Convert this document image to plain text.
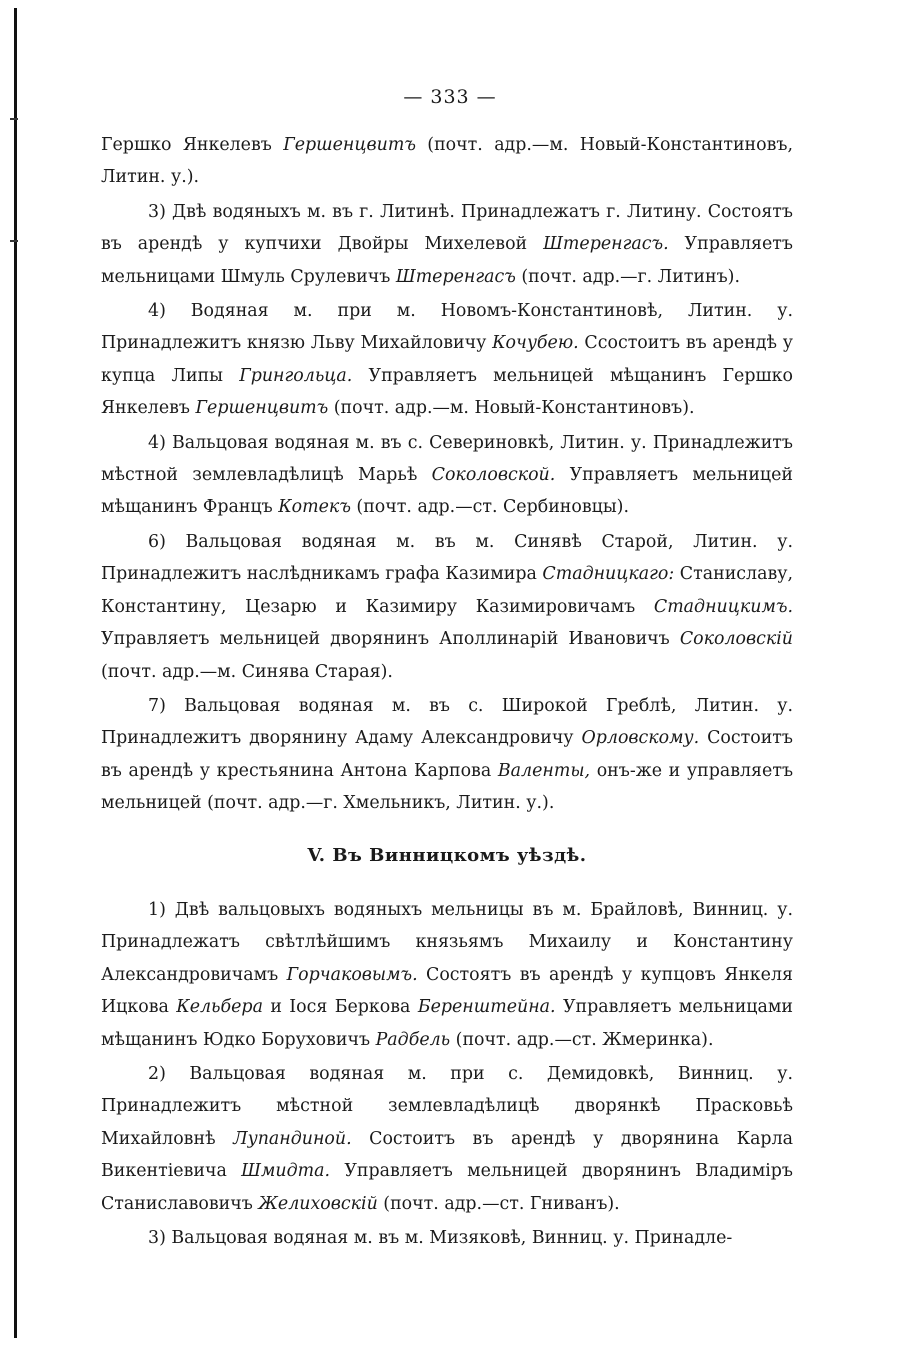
— 333 —

Гершко Янкелевъ Гершенцвитъ (почт. адр.—м. Новый-Константиновъ, Литин. у.).

3) Двѣ водяныхъ м. въ г. Литинѣ. Принадлежатъ г. Литину. Состоятъ въ арендѣ у купчихи Двойры Михелевой Штеренгасъ. Управляетъ мельницами Шмуль Срулевичъ Штеренгасъ (почт. адр.—г. Литинъ).

4) Водяная м. при м. Новомъ-Константиновѣ, Литин. у. Принадлежитъ князю Льву Михайловичу Кочубею. Ссостоитъ въ арендѣ у купца Липы Грингольца. Управляетъ мельницей мѣщанинъ Гершко Янкелевъ Гершенцвитъ (почт. адр.—м. Новый-Константиновъ).

4) Вальцовая водяная м. въ с. Севериновкѣ, Литин. у. Принадлежитъ мѣстной землевладѣлицѣ Марьѣ Соколовской. Управляетъ мельницей мѣщанинъ Францъ Котекъ (почт. адр.—ст. Сербиновцы).

6) Вальцовая водяная м. въ м. Синявѣ Старой, Литин. у. Принадлежитъ наслѣдникамъ графа Казимира Стадницкаго: Станиславу, Константину, Цезарю и Казимиру Казимировичамъ Стадницкимъ. Управляетъ мельницей дворянинъ Аполлинарій Ивановичъ Соколовскій (почт. адр.—м. Синява Старая).

7) Вальцовая водяная м. въ с. Широкой Греблѣ, Литин. у. Принадлежитъ дворянину Адаму Александровичу Орловскому. Состоитъ въ арендѣ у крестьянина Антона Карпова Валенты, онъ-же и управляетъ мельницей (почт. адр.—г. Хмельникъ, Литин. у.).

V. Въ Винницкомъ уѣздѣ.

1) Двѣ вальцовыхъ водяныхъ мельницы въ м. Брайловѣ, Винниц. у. Принадлежатъ свѣтлѣйшимъ князьямъ Михаилу и Константину Александровичамъ Горчаковымъ. Состоятъ въ арендѣ у купцовъ Янкеля Ицкова Кельбера и Іося Беркова Беренштейна. Управляетъ мельницами мѣщанинъ Юдко Боруховичъ Радбель (почт. адр.—ст. Жмеринка).

2) Вальцовая водяная м. при с. Демидовкѣ, Винниц. у. Принадлежитъ мѣстной землевладѣлицѣ дворянкѣ Прасковьѣ Михайловнѣ Лупандиной. Состоитъ въ арендѣ у дворянина Карла Викентіевича Шмидта. Управляетъ мельницей дворянинъ Владиміръ Станиславовичъ Желиховскій (почт. адр.—ст. Гниванъ).

3) Вальцовая водяная м. въ м. Мизяковѣ, Винниц. у. Принадле-
